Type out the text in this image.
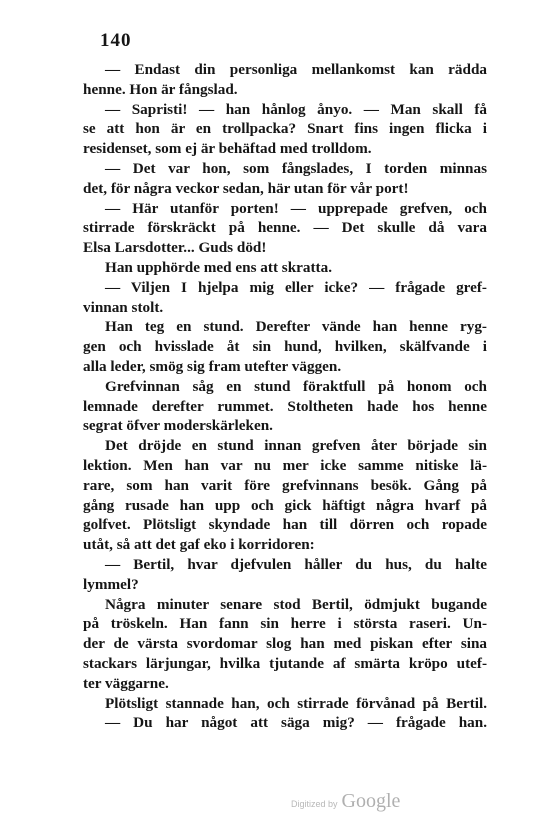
140
— Endast din personliga mellankomst kan rädda
henne. Hon är fångslad.
— Sapristi! — han hånlog ånyo. — Man skall få
se att hon är en trollpacka? Snart fins ingen flicka i
residenset, som ej är behäftad med trolldom.
— Det var hon, som fångslades, I torden minnas
det, för några veckor sedan, här utan för vår port!
— Här utanför porten! — upprepade grefven, och
stirrade förskräckt på henne. — Det skulle då vara
Elsa Larsdotter... Guds död!
Han upphörde med ens att skratta.
— Viljen I hjelpa mig eller icke? — frågade gref-
vinnan stolt.
Han teg en stund. Derefter vände han henne ryg-
gen och hvisslade åt sin hund, hvilken, skälfvande i
alla leder, smög sig fram utefter väggen.
Grefvinnan såg en stund föraktfull på honom och
lemnade derefter rummet. Stoltheten hade hos henne
segrat öfver moderskärleken.
Det dröjde en stund innan grefven åter började sin
lektion. Men han var nu mer icke samme nitiske lä-
rare, som han varit före grefvinnans besök. Gång på
gång rusade han upp och gick häftigt några hvarf på
golfvet. Plötsligt skyndade han till dörren och ropade
utåt, så att det gaf eko i korridoren:
— Bertil, hvar djefvulen håller du hus, du halte
lymmel?
Några minuter senare stod Bertil, ödmjukt bugande
på tröskeln. Han fann sin herre i största raseri. Un-
der de värsta svordomar slog han med piskan efter sina
stackars lärjungar, hvilka tjutande af smärta kröpo utef-
ter väggarne.
Plötsligt stannade han, och stirrade förvånad på Bertil.
— Du har något att säga mig? — frågade han.
Digitized by Google
